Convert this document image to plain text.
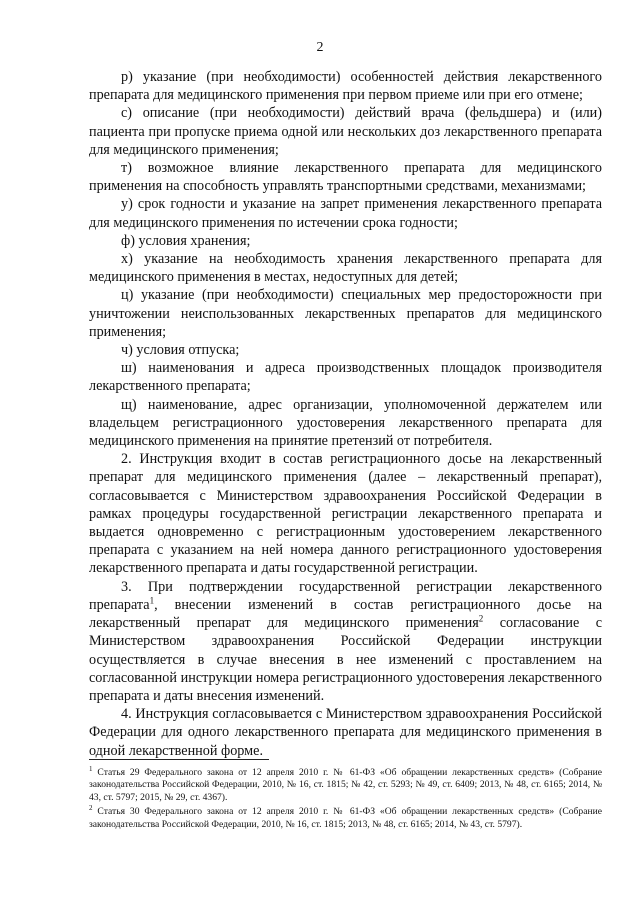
2

р) указание (при необходимости) особенностей действия лекарственного препарата для медицинского применения при первом приеме или при его отмене;

с) описание (при необходимости) действий врача (фельдшера) и (или) пациента при пропуске приема одной или нескольких доз лекарственного препарата для медицинского применения;

т) возможное влияние лекарственного препарата для медицинского применения на способность управлять транспортными средствами, механизмами;

у) срок годности и указание на запрет применения лекарственного препарата для медицинского применения по истечении срока годности;

ф) условия хранения;

х) указание на необходимость хранения лекарственного препарата для медицинского применения в местах, недоступных для детей;

ц) указание (при необходимости) специальных мер предосторожности при уничтожении неиспользованных лекарственных препаратов для медицинского применения;

ч) условия отпуска;

ш) наименования и адреса производственных площадок производителя лекарственного препарата;

щ) наименование, адрес организации, уполномоченной держателем или владельцем регистрационного удостоверения лекарственного препарата для медицинского применения на принятие претензий от потребителя.

2. Инструкция входит в состав регистрационного досье на лекарственный препарат для медицинского применения (далее – лекарственный препарат), согласовывается с Министерством здравоохранения Российской Федерации в рамках процедуры государственной регистрации лекарственного препарата и выдается одновременно с регистрационным удостоверением лекарственного препарата с указанием на ней номера данного регистрационного удостоверения лекарственного препарата и даты государственной регистрации.

3. При подтверждении государственной регистрации лекарственного препарата$^1$, внесении изменений в состав регистрационного досье на лекарственный препарат для медицинского применения$^2$ согласование с Министерством здравоохранения Российской Федерации инструкции осуществляется в случае внесения в нее изменений с проставлением на согласованной инструкции номера регистрационного удостоверения лекарственного препарата и даты внесения изменений.

4. Инструкция согласовывается с Министерством здравоохранения Российской Федерации для одного лекарственного препарата для медицинского применения в одной лекарственной форме.

$^1$ Статья 29 Федерального закона от 12 апреля 2010 г. № 61-ФЗ «Об обращении лекарственных средств» (Собрание законодательства Российской Федерации, 2010, № 16, ст. 1815; № 42, ст. 5293; № 49, ст. 6409; 2013, № 48, ст. 6165; 2014, № 43, ст. 5797; 2015, № 29, ст. 4367).

$^2$ Статья 30 Федерального закона от 12 апреля 2010 г. № 61-ФЗ «Об обращении лекарственных средств» (Собрание законодательства Российской Федерации, 2010, № 16, ст. 1815; 2013, № 48, ст. 6165; 2014, № 43, ст. 5797).
